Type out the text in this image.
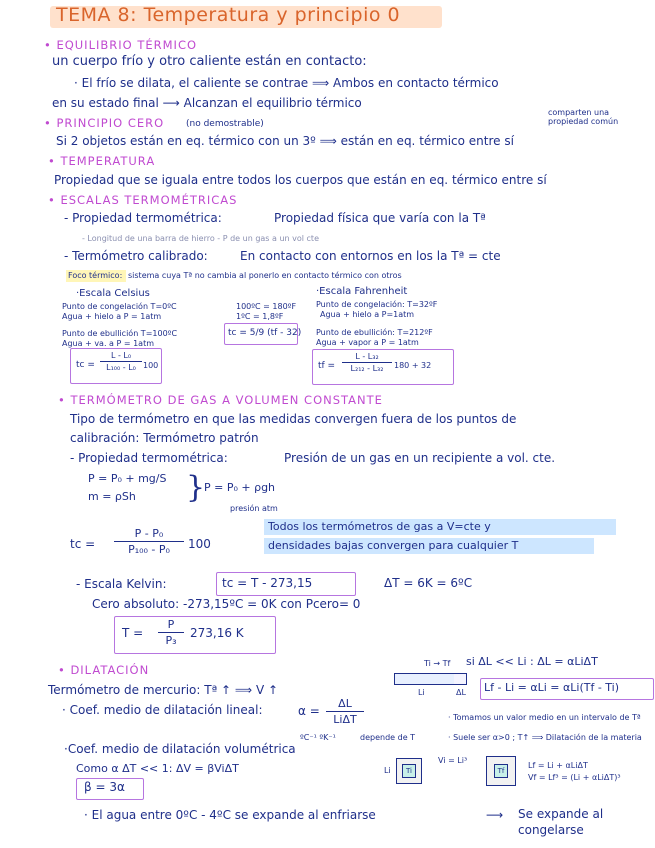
TEMA 8: Temperatura y principio 0
• EQUILIBRIO TÉRMICO
un cuerpo frío y otro caliente están en contacto:
· El frío se dilata, el caliente se contrae ⟹ Ambos en contacto térmico
en su estado final ⟶ Alcanzan el equilibrio térmico
• PRINCIPIO CERO (no demostrable)
comparten una propiedad común
Si 2 objetos están en eq. térmico con un 3º ⟹ están en eq. térmico entre sí
• TEMPERATURA
Propiedad que se iguala entre todos los cuerpos que están en eq. térmico entre sí
• ESCALAS TERMOMÉTRICAS
- Propiedad termométrica:	Propiedad física que varía con la Tª
- Longitud de una barra de hierro - P de un gas a un vol cte
- Termómetro calibrado:	En contacto con entornos en los la Tª = cte
Foco térmico: sistema cuya Tª no cambia al ponerlo en contacto térmico con otros
·Escala Celsius
Punto de congelación T=0ºC
Agua + hielo a P = 1atm
Punto de ebullición T=100ºC
Agua + va. a P = 1atm
100ºC = 180ºF
1ºC = 1,8ºF
tc = 5/9 (tf - 32)
tc =
L - L₀
L₁₀₀ - L₀ 100
·Escala Fahrenheit
Punto de congelación: T=32ºF
Agua + hielo a P=1atm
Punto de ebullición: T=212ºF
Agua + vapor a P = 1atm
tf =
L - L₃₂
L₂₁₂ - L₃₂ 180 + 32
• TERMÓMETRO DE GAS A VOLUMEN CONSTANTE
Tipo de termómetro en que las medidas convergen fuera de los puntos de
calibración: Termómetro patrón
- Propiedad termométrica:	Presión de un gas en un recipiente a vol. cte.
P = P₀ + mg/S
m = ρSh }
P = P₀ + ρgh
presión atm
tc =
P - P₀
P₁₀₀ - P₀ 100
Todos los termómetros de gas a V=cte y
densidades bajas convergen para cualquier T
- Escala Kelvin:	tc = T - 273,15	ΔT = 6K = 6ºC
Cero absoluto: -273,15ºC = 0K con Pcero= 0
T =
P
P₃
273,16 K
• DILATACIÓN
si ΔL << Li : ΔL = αLiΔT
Ti → Tf
Li	ΔL Lf - Li = αLi = αLi(Tf - Ti)
Termómetro de mercurio: Tª ↑ ⟹ V ↑
· Coef. medio de dilatación lineal:	α =
ΔL
LiΔT
ºC⁻¹ ºK⁻¹	depende de T
· Tomamos un valor medio en un intervalo de Tª
· Suele ser α>0 ; T↑ ⟹ Dilatación de la materia
·Coef. medio de dilatación volumétrica
Como α ΔT << 1: ΔV = βViΔT
β = 3α
Vi = Li³
Ti
Li	Tf
Lf = Li + αLiΔT
Vf = Lf³ = (Li + αLiΔT)³
· El agua entre 0ºC - 4ºC se expande al enfriarse	⟶ Se expande al
congelarse
